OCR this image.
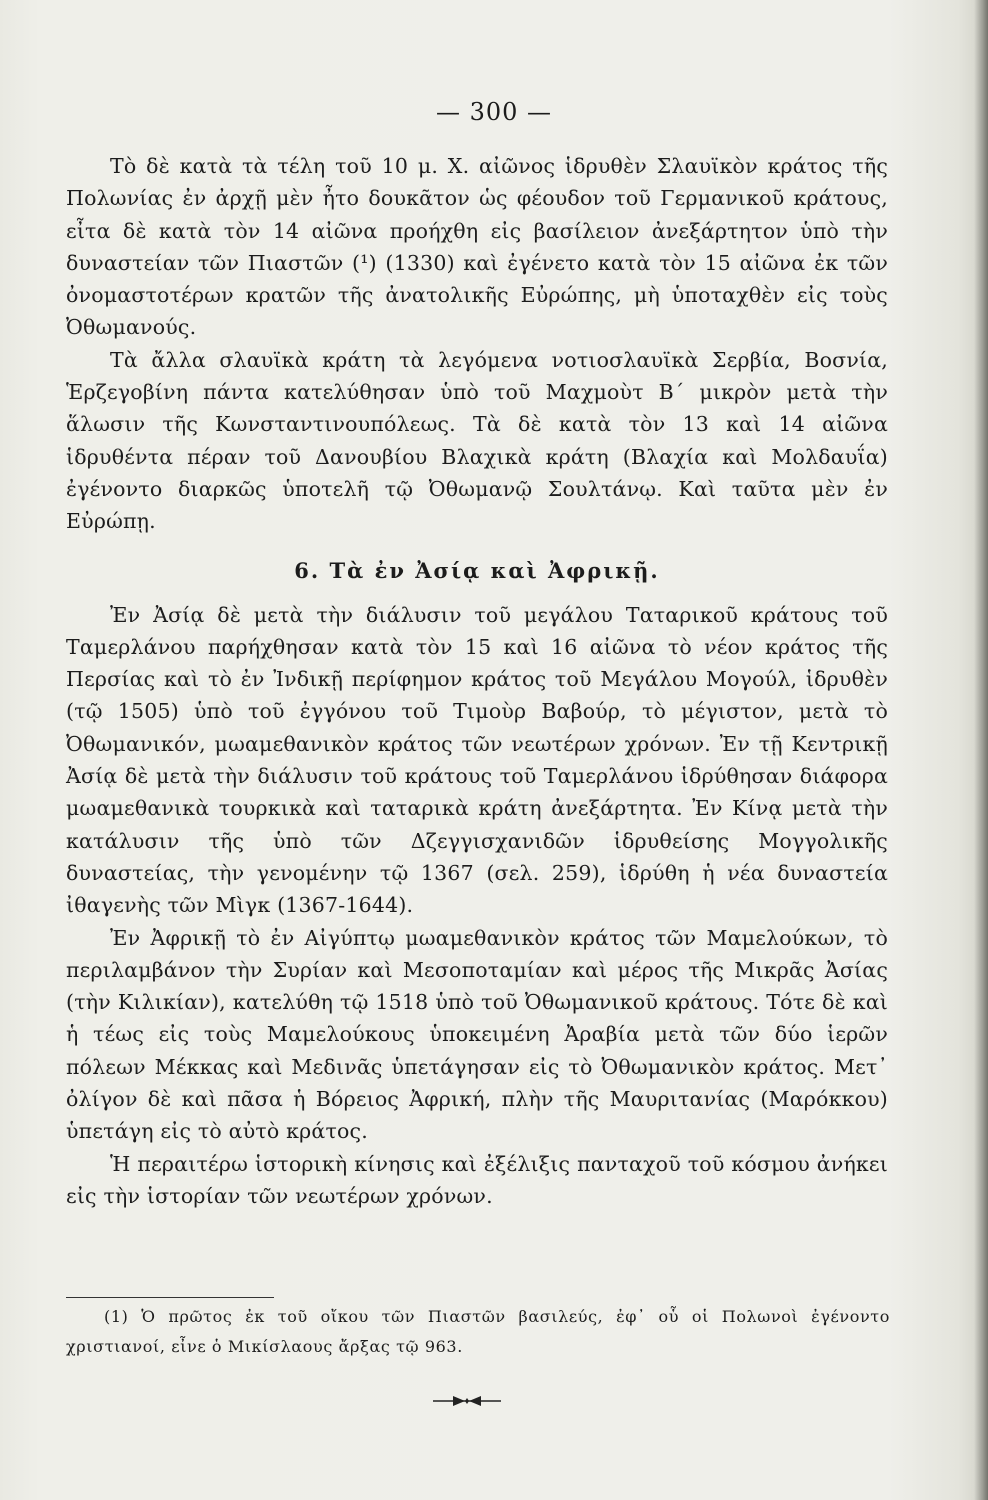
— 300 —

Τὸ δὲ κατὰ τὰ τέλη τοῦ 10 μ. Χ. αἰῶνος ἱδρυθὲν Σλαυϊκὸν κράτος τῆς Πολωνίας ἐν ἀρχῇ μὲν ἦτο δουκᾶτον ὡς φέουδον τοῦ Γερμανικοῦ κράτους, εἶτα δὲ κατὰ τὸν 14 αἰῶνα προήχθη εἰς βασίλειον ἀνεξάρτητον ὑπὸ τὴν δυναστείαν τῶν Πιαστῶν (¹) (1330) καὶ ἐγένετο κατὰ τὸν 15 αἰῶνα ἐκ τῶν ὀνομαστοτέρων κρατῶν τῆς ἀνατολικῆς Εὐρώπης, μὴ ὑποταχθὲν εἰς τοὺς Ὀθωμανούς.

Τὰ ἄλλα σλαυϊκὰ κράτη τὰ λεγόμενα νοτιοσλαυϊκὰ Σερβία, Βοσνία, Ἑρζεγοβίνη πάντα κατελύθησαν ὑπὸ τοῦ Μαχμοὺτ Β΄ μικρὸν μετὰ τὴν ἅλωσιν τῆς Κωνσταντινουπόλεως. Τὰ δὲ κατὰ τὸν 13 καὶ 14 αἰῶνα ἱδρυθέντα πέραν τοῦ Δανουβίου Βλαχικὰ κράτη (Βλαχία καὶ Μολδαυΐα) ἐγένοντο διαρκῶς ὑποτελῆ τῷ Ὀθωμανῷ Σουλτάνῳ. Καὶ ταῦτα μὲν ἐν Εὐρώπῃ.

6. Τὰ ἐν Ἀσίᾳ καὶ Ἀφρικῇ.

Ἐν Ἀσίᾳ δὲ μετὰ τὴν διάλυσιν τοῦ μεγάλου Ταταρικοῦ κράτους τοῦ Ταμερλάνου παρήχθησαν κατὰ τὸν 15 καὶ 16 αἰῶνα τὸ νέον κράτος τῆς Περσίας καὶ τὸ ἐν Ἰνδικῇ περίφημον κράτος τοῦ Μεγάλου Μογούλ, ἱδρυθὲν (τῷ 1505) ὑπὸ τοῦ ἐγγόνου τοῦ Τιμοὺρ Βαβούρ, τὸ μέγιστον, μετὰ τὸ Ὀθωμανικόν, μωαμεθανικὸν κράτος τῶν νεωτέρων χρόνων. Ἐν τῇ Κεντρικῇ Ἀσίᾳ δὲ μετὰ τὴν διάλυσιν τοῦ κράτους τοῦ Ταμερλάνου ἱδρύθησαν διάφορα μωαμεθανικὰ τουρκικὰ καὶ ταταρικὰ κράτη ἀνεξάρτητα. Ἐν Κίνᾳ μετὰ τὴν κατάλυσιν τῆς ὑπὸ τῶν Δζεγγισχανιδῶν ἱδρυθείσης Μογγολικῆς δυναστείας, τὴν γενομένην τῷ 1367 (σελ. 259), ἱδρύθη ἡ νέα δυναστεία ἰθαγενὴς τῶν Μὶγκ (1367-1644).

Ἐν Ἀφρικῇ τὸ ἐν Αἰγύπτῳ μωαμεθανικὸν κράτος τῶν Μαμελούκων, τὸ περιλαμβάνον τὴν Συρίαν καὶ Μεσοποταμίαν καὶ μέρος τῆς Μικρᾶς Ἀσίας (τὴν Κιλικίαν), κατελύθη τῷ 1518 ὑπὸ τοῦ Ὀθωμανικοῦ κράτους. Τότε δὲ καὶ ἡ τέως εἰς τοὺς Μαμελούκους ὑποκειμένη Ἀραβία μετὰ τῶν δύο ἱερῶν πόλεων Μέκκας καὶ Μεδινᾶς ὑπετάγησαν εἰς τὸ Ὀθωμανικὸν κράτος. Μετ᾽ ὀλίγον δὲ καὶ πᾶσα ἡ Βόρειος Ἀφρική, πλὴν τῆς Μαυριτανίας (Μαρόκκου) ὑπετάγη εἰς τὸ αὐτὸ κράτος.

Ἡ περαιτέρω ἱστορικὴ κίνησις καὶ ἐξέλιξις πανταχοῦ τοῦ κόσμου ἀνήκει εἰς τὴν ἱστορίαν τῶν νεωτέρων χρόνων.

(1) Ὁ πρῶτος ἐκ τοῦ οἴκου τῶν Πιαστῶν βασιλεύς, ἐφ᾽ οὗ οἱ Πολωνοὶ ἐγένοντο χριστιανοί, εἶνε ὁ Μικίσλαους ἄρξας τῷ 963.
